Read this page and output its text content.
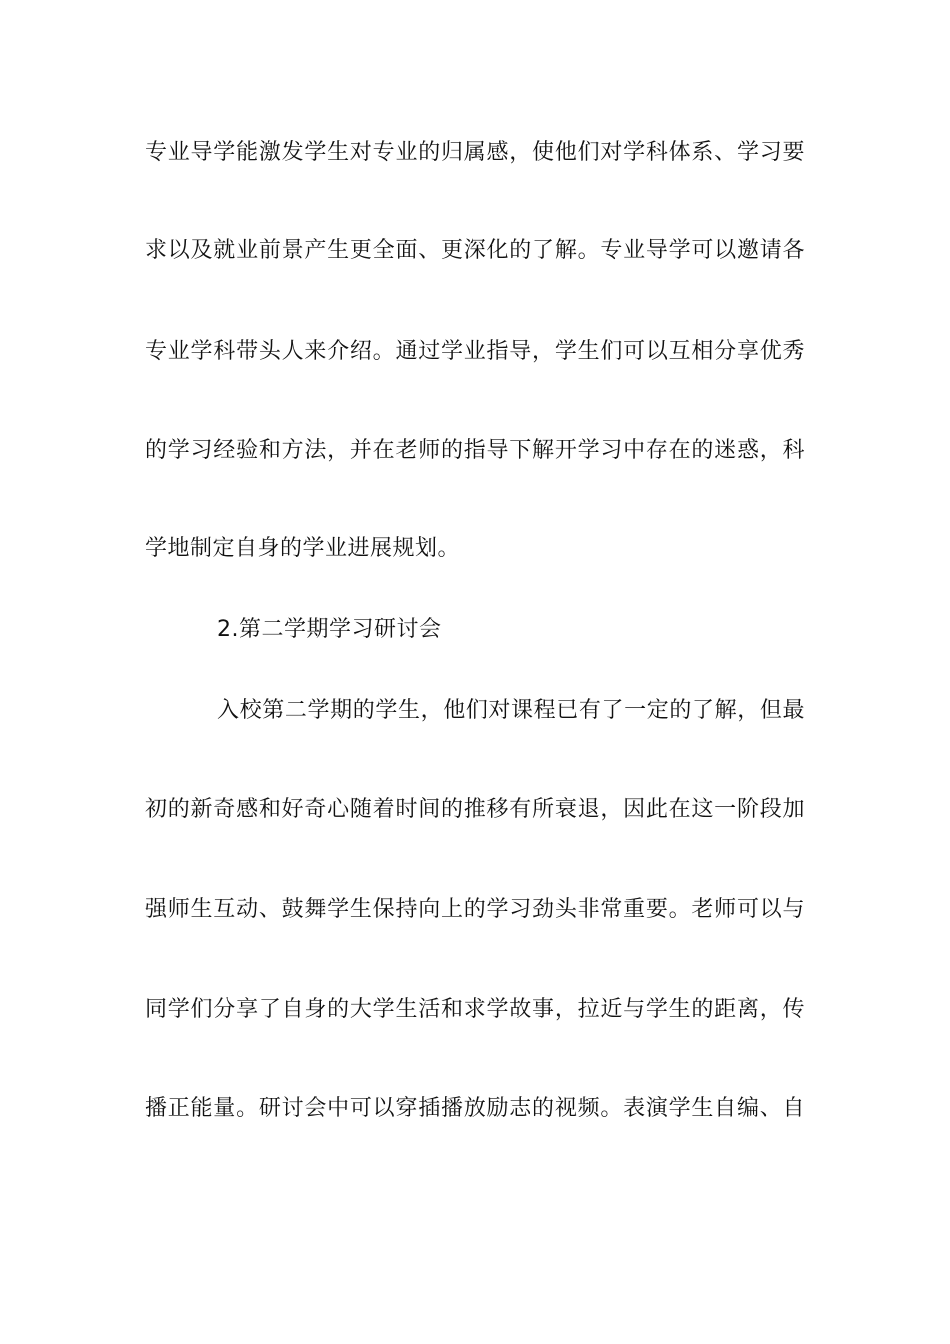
专业导学能激发学生对专业的归属感，使他们对学科体系、学习要
求以及就业前景产生更全面、更深化的了解。专业导学可以邀请各
专业学科带头人来介绍。通过学业指导，学生们可以互相分享优秀
的学习经验和方法，并在老师的指导下解开学习中存在的迷惑，科
学地制定自身的学业进展规划。
2.第二学期学习研讨会
入校第二学期的学生，他们对课程已有了一定的了解，但最
初的新奇感和好奇心随着时间的推移有所衰退，因此在这一阶段加
强师生互动、鼓舞学生保持向上的学习劲头非常重要。老师可以与
同学们分享了自身的大学生活和求学故事，拉近与学生的距离，传
播正能量。研讨会中可以穿插播放励志的视频。表演学生自编、自
